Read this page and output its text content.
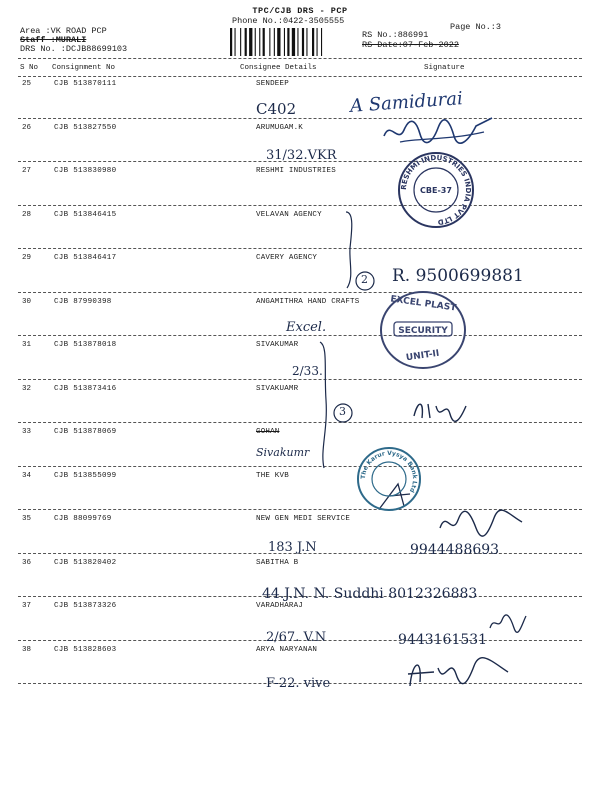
TPC/CJB DRS - PCP
Phone No.:0422-3505555
Page No.:3
Area :VK ROAD PCP
Staff :MURALI
DRS No. :DCJB88699103
RS No.:886991
RS Date:07-Feb-2022
S No Consignment No	Consignee Details	Signature
25	CJB 513870111	SENDEEP
26	CJB 513827550	ARUMUGAM.K
27	CJB 513830980	RESHMI INDUSTRIES
28	CJB 513846415	VELAVAN AGENCY
29	CJB 513846417	CAVERY AGENCY
30	CJB 87990398	ANGAMITHRA HAND CRAFTS
31	CJB 513878018	SIVAKUMAR
32	CJB 513873416	SIVAKUAMR
33	CJB 513878069	GOHAN
34	CJB 513855099	THE KVB
35	CJB 88099769	NEW GEN MEDI SERVICE
36	CJB 513820402	SABITHA B
37	CJB 513873326	VARADHARAJ
38	CJB 513828603	ARYA NARYANAN
C402	A Samidurai
31/32.VKR
2 R. 9500699881
Excel.
2/33.
3
Sivakumr
183 J.N	9944488693
44.J.N. N. Suddhi 8012326883
2/67. V.N	9443161531
F-22. vive
RESHMI INDUSTRIES INDIA PVT LTD
CBE-37
EXCEL PLAST
SECURITY
UNIT-II
The Karur Vysya Bank Ltd
